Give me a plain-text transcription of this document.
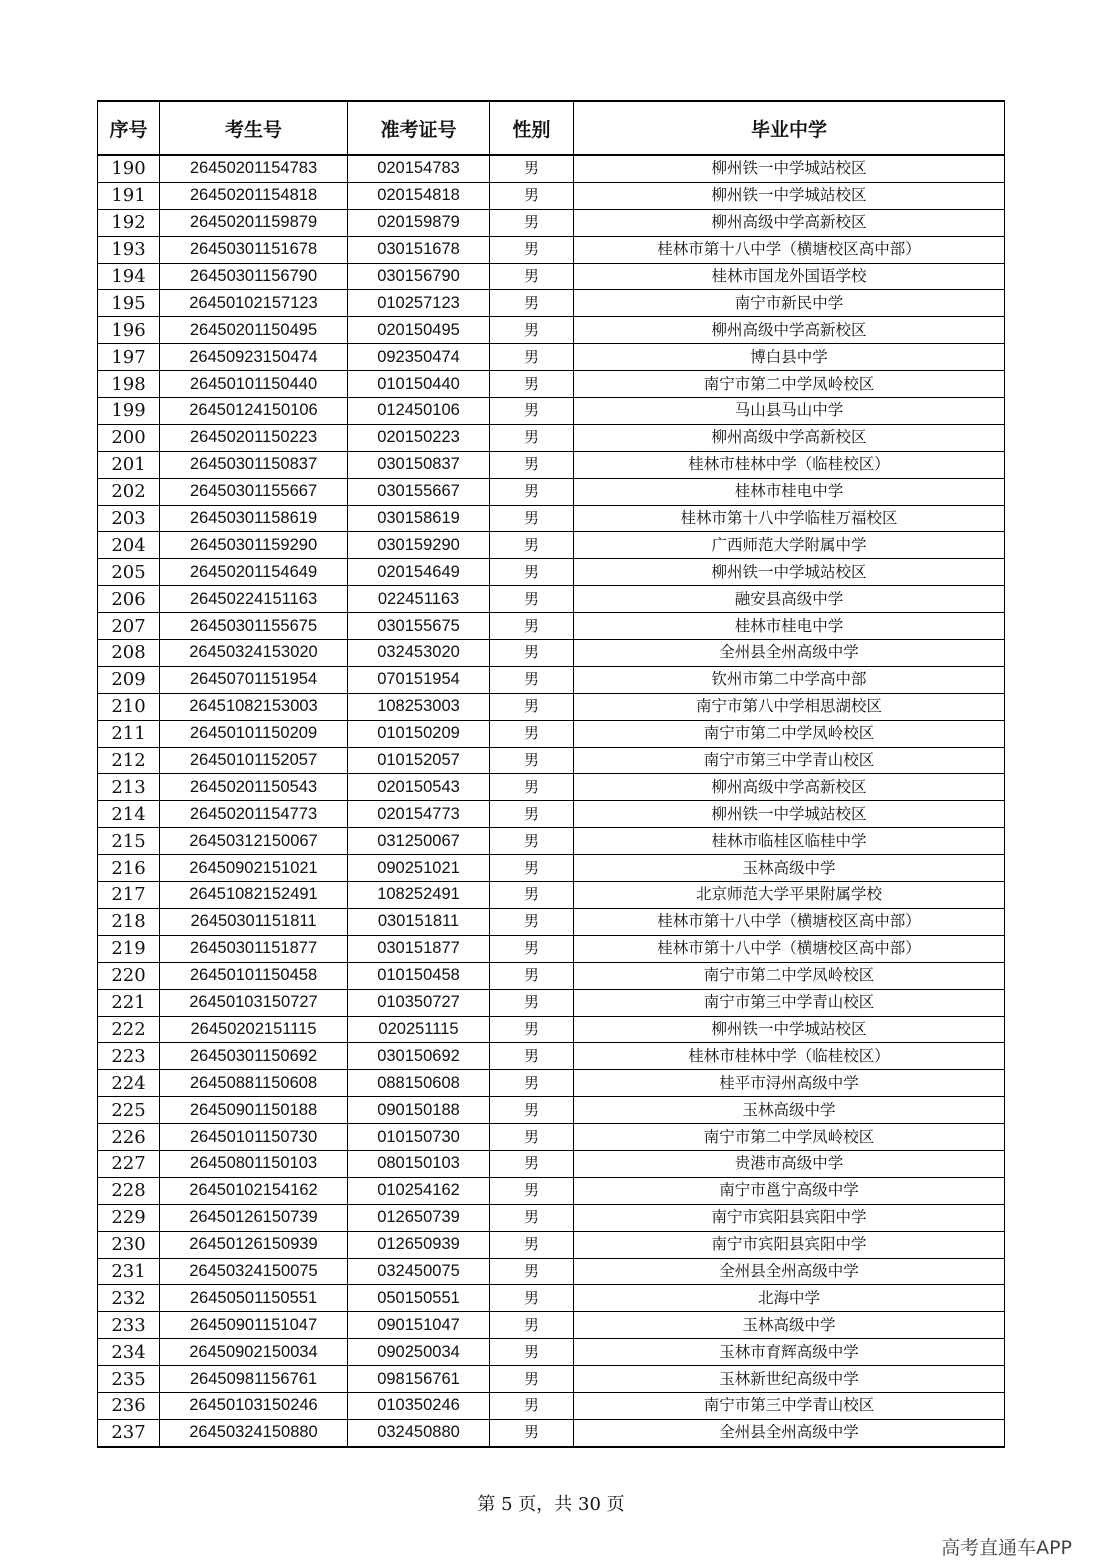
序号	考生号	准考证号	性别	毕业中学
190	26450201154783	020154783	男	柳州铁一中学城站校区
191	26450201154818	020154818	男	柳州铁一中学城站校区
192	26450201159879	020159879	男	柳州高级中学高新校区
193	26450301151678	030151678	男	桂林市第十八中学（横塘校区高中部）
194	26450301156790	030156790	男	桂林市国龙外国语学校
195	26450102157123	010257123	男	南宁市新民中学
196	26450201150495	020150495	男	柳州高级中学高新校区
197	26450923150474	092350474	男	博白县中学
198	26450101150440	010150440	男	南宁市第二中学凤岭校区
199	26450124150106	012450106	男	马山县马山中学
200	26450201150223	020150223	男	柳州高级中学高新校区
201	26450301150837	030150837	男	桂林市桂林中学（临桂校区）
202	26450301155667	030155667	男	桂林市桂电中学
203	26450301158619	030158619	男	桂林市第十八中学临桂万福校区
204	26450301159290	030159290	男	广西师范大学附属中学
205	26450201154649	020154649	男	柳州铁一中学城站校区
206	26450224151163	022451163	男	融安县高级中学
207	26450301155675	030155675	男	桂林市桂电中学
208	26450324153020	032453020	男	全州县全州高级中学
209	26450701151954	070151954	男	钦州市第二中学高中部
210	26451082153003	108253003	男	南宁市第八中学相思湖校区
211	26450101150209	010150209	男	南宁市第二中学凤岭校区
212	26450101152057	010152057	男	南宁市第三中学青山校区
213	26450201150543	020150543	男	柳州高级中学高新校区
214	26450201154773	020154773	男	柳州铁一中学城站校区
215	26450312150067	031250067	男	桂林市临桂区临桂中学
216	26450902151021	090251021	男	玉林高级中学
217	26451082152491	108252491	男	北京师范大学平果附属学校
218	26450301151811	030151811	男	桂林市第十八中学（横塘校区高中部）
219	26450301151877	030151877	男	桂林市第十八中学（横塘校区高中部）
220	26450101150458	010150458	男	南宁市第二中学凤岭校区
221	26450103150727	010350727	男	南宁市第三中学青山校区
222	26450202151115	020251115	男	柳州铁一中学城站校区
223	26450301150692	030150692	男	桂林市桂林中学（临桂校区）
224	26450881150608	088150608	男	桂平市浔州高级中学
225	26450901150188	090150188	男	玉林高级中学
226	26450101150730	010150730	男	南宁市第二中学凤岭校区
227	26450801150103	080150103	男	贵港市高级中学
228	26450102154162	010254162	男	南宁市邕宁高级中学
229	26450126150739	012650739	男	南宁市宾阳县宾阳中学
230	26450126150939	012650939	男	南宁市宾阳县宾阳中学
231	26450324150075	032450075	男	全州县全州高级中学
232	26450501150551	050150551	男	北海中学
233	26450901151047	090151047	男	玉林高级中学
234	26450902150034	090250034	男	玉林市育辉高级中学
235	26450981156761	098156761	男	玉林新世纪高级中学
236	26450103150246	010350246	男	南宁市第三中学青山校区
237	26450324150880	032450880	男	全州县全州高级中学
第 5 页，共 30 页
高考直通车APP
